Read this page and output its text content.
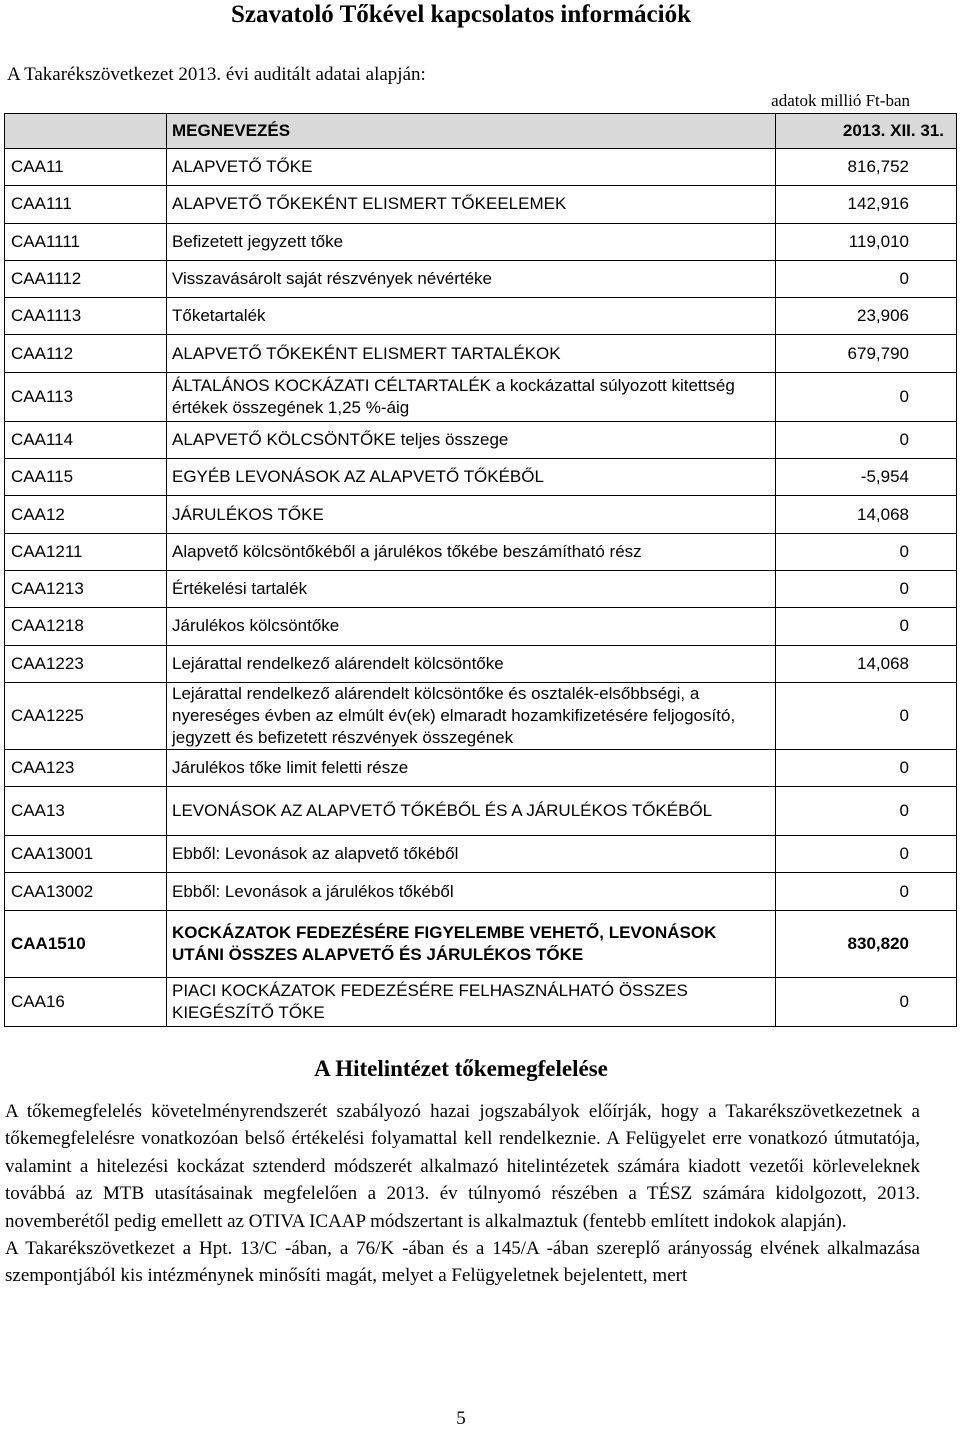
Szavatoló Tőkével kapcsolatos információk
A Takarékszövetkezet 2013. évi auditált adatai alapján:
adatok millió Ft-ban
	MEGNEVEZÉS	2013. XII. 31.
CAA11	ALAPVETŐ TŐKE	816,752
CAA111	ALAPVETŐ TŐKEKÉNT ELISMERT TŐKEELEMEK	142,916
CAA1111	Befizetett jegyzett tőke	119,010
CAA1112	Visszavásárolt saját részvények névértéke	0
CAA1113	Tőketartalék	23,906
CAA112	ALAPVETŐ TŐKEKÉNT ELISMERT TARTALÉKOK	679,790
CAA113	ÁLTALÁNOS KOCKÁZATI CÉLTARTALÉK a kockázattal súlyozott kitettség értékek összegének 1,25 %-áig	0
CAA114	ALAPVETŐ KÖLCSÖNTŐKE teljes összege	0
CAA115	EGYÉB LEVONÁSOK AZ ALAPVETŐ TŐKÉBŐL	-5,954
CAA12	JÁRULÉKOS TŐKE	14,068
CAA1211	Alapvető kölcsöntőkéből a járulékos tőkébe beszámítható rész	0
CAA1213	Értékelési tartalék	0
CAA1218	Járulékos kölcsöntőke	0
CAA1223	Lejárattal rendelkező alárendelt kölcsöntőke	14,068
CAA1225	Lejárattal rendelkező alárendelt kölcsöntőke és osztalék-elsőbbségi, a nyereséges évben az elmúlt év(ek) elmaradt hozamkifizetésére feljogosító, jegyzett és befizetett részvények összegének	0
CAA123	Járulékos tőke limit feletti része	0
CAA13	LEVONÁSOK AZ ALAPVETŐ TŐKÉBŐL ÉS A JÁRULÉKOS TŐKÉBŐL	0
CAA13001	Ebből: Levonások az alapvető tőkéből	0
CAA13002	Ebből: Levonások a járulékos tőkéből	0
CAA1510	KOCKÁZATOK FEDEZÉSÉRE FIGYELEMBE VEHETŐ, LEVONÁSOK UTÁNI ÖSSZES ALAPVETŐ ÉS JÁRULÉKOS TŐKE	830,820
CAA16	PIACI KOCKÁZATOK FEDEZÉSÉRE FELHASZNÁLHATÓ ÖSSZES KIEGÉSZÍTŐ TŐKE	0
A Hitelintézet tőkemegfelelése

A tőkemegfelelés követelményrendszerét szabályozó hazai jogszabályok előírják, hogy a Takarékszövetkezetnek a tőkemegfelelésre vonatkozóan belső értékelési folyamattal kell rendelkeznie. A Felügyelet erre vonatkozó útmutatója, valamint a hitelezési kockázat sztenderd módszerét alkalmazó hitelintézetek számára kiadott vezetői körleveleknek továbbá az MTB utasításainak megfelelően a 2013. év túlnyomó részében a TÉSZ számára kidolgozott, 2013. novemberétől pedig emellett az OTIVA ICAAP módszertant is alkalmaztuk (fentebb említett indokok alapján).

A Takarékszövetkezet a Hpt. 13/C -ában, a 76/K -ában és a 145/A -ában szereplő arányosság elvének alkalmazása szempontjából kis intézménynek minősíti magát, melyet a Felügyeletnek bejelentett, mert

5
